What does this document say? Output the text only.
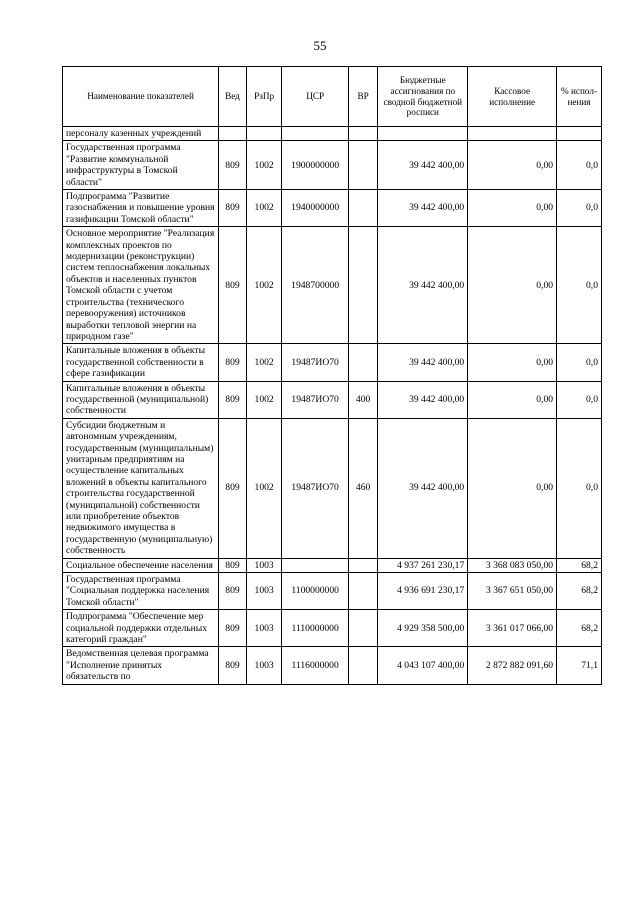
55
Наименование показателей	Вед	РзПр	ЦСР	ВР	Бюджетные ассигнования по сводной бюджетной росписи	Кассовое исполнение	% испол-нения
персоналу казенных учреждений							
Государственная программа "Развитие коммунальной инфраструктуры в Томской области"	809	1002	1900000000		39 442 400,00	0,00	0,0
Подпрограмма "Развитие газоснабжения и повышение уровня газификации Томской области"	809	1002	1940000000		39 442 400,00	0,00	0,0
Основное мероприятие "Реализация комплексных проектов по модернизации (реконструкции) систем теплоснабжения локальных объектов и населенных пунктов Томской области с учетом строительства (технического перевооружения) источников выработки тепловой энергии на природном газе"	809	1002	1948700000		39 442 400,00	0,00	0,0
Капитальные вложения в объекты государственной собственности в сфере газификации	809	1002	19487ИО70		39 442 400,00	0,00	0,0
Капитальные вложения в объекты государственной (муниципальной) собственности	809	1002	19487ИО70	400	39 442 400,00	0,00	0,0
Субсидии бюджетным и автономным учреждениям, государственным (муниципальным) унитарным предприятиям на осуществление капитальных вложений в объекты капитального строительства государственной (муниципальной) собственности или приобретение объектов недвижимого имущества в государственную (муниципальную) собственность	809	1002	19487ИО70	460	39 442 400,00	0,00	0,0
Социальное обеспечение населения	809	1003			4 937 261 230,17	3 368 083 050,00	68,2
Государственная программа "Социальная поддержка населения Томской области"	809	1003	1100000000		4 936 691 230,17	3 367 651 050,00	68,2
Подпрограмма "Обеспечение мер социальной поддержки отдельных категорий граждан"	809	1003	1110000000		4 929 358 500,00	3 361 017 066,00	68,2
Ведомственная целевая программа "Исполнение принятых обязательств по	809	1003	1116000000		4 043 107 400,00	2 872 882 091,60	71,1
